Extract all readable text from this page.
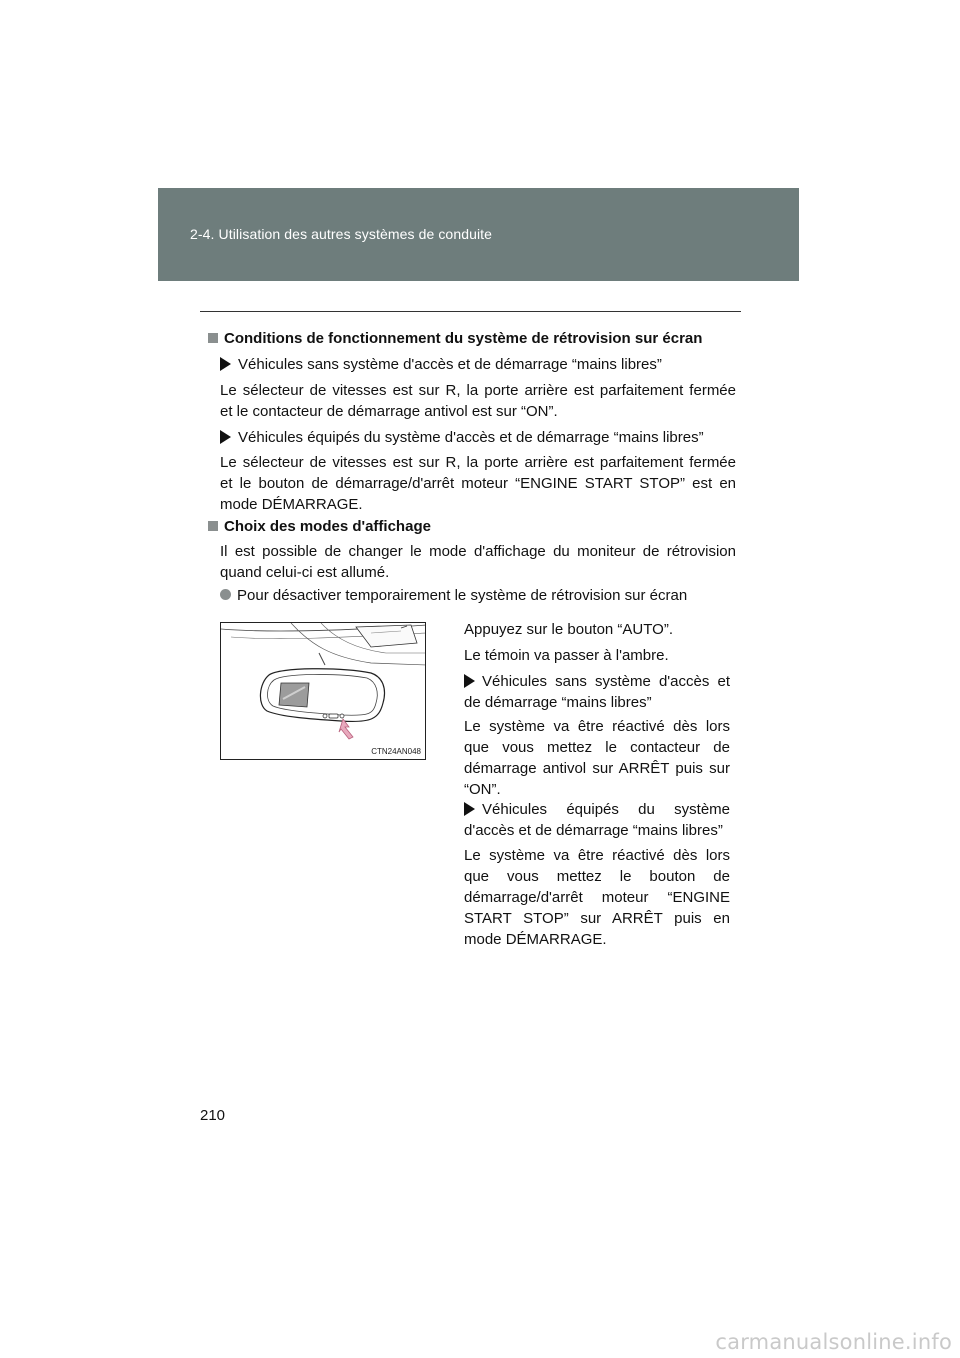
2-4. Utilisation des autres systèmes de conduite
Conditions de fonctionnement du système de rétrovision sur écran
Véhicules sans système d'accès et de démarrage “mains libres”
Le sélecteur de vitesses est sur R, la porte arrière est parfaitement fermée
et le contacteur de démarrage antivol est sur “ON”.
Véhicules équipés du système d'accès et de démarrage “mains libres”
Le sélecteur de vitesses est sur R, la porte arrière est parfaitement fermée
et le bouton de démarrage/d'arrêt moteur “ENGINE START STOP” est en
mode DÉMARRAGE.
Choix des modes d'affichage
Il est possible de changer le mode d'affichage du moniteur de rétrovision
quand celui-ci est allumé.
Pour désactiver temporairement le système de rétrovision sur écran
CTN24AN048
Appuyez sur le bouton “AUTO”.
Le témoin va passer à l'ambre.
Véhicules sans système d'accès et
de démarrage “mains libres”
Le système va être réactivé dès lors
que vous mettez le contacteur de
démarrage antivol sur ARRÊT puis sur
“ON”.
Véhicules équipés du système
d'accès et de démarrage “mains libres”
Le système va être réactivé dès lors
que vous mettez le bouton de
démarrage/d'arrêt moteur “ENGINE
START STOP” sur ARRÊT puis en
mode DÉMARRAGE.
210
carmanualsonline.info
